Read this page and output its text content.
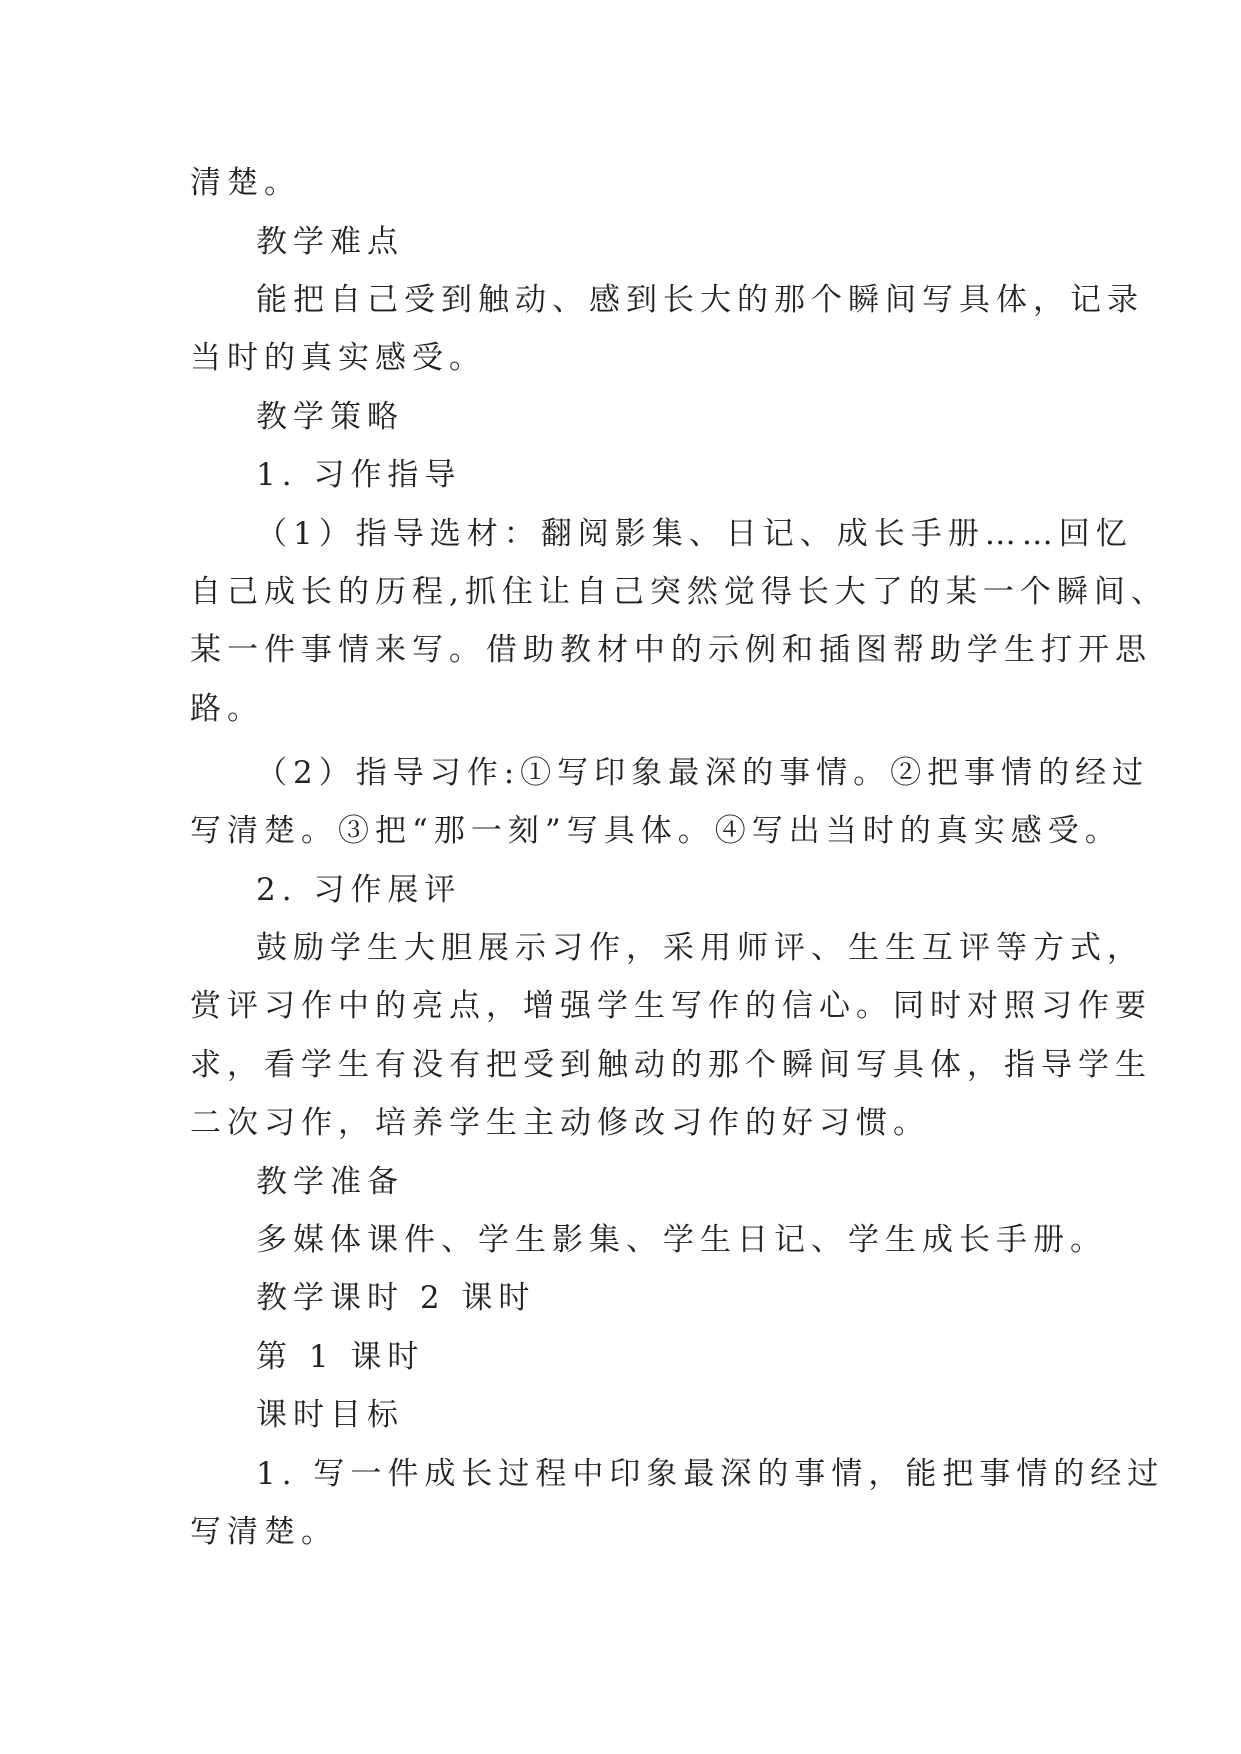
清楚。

教学难点

能把自己受到触动、感到长大的那个瞬间写具体，记录

当时的真实感受。

教学策略

1. 习作指导

（1）指导选材：翻阅影集、日记、成长手册……回忆

自己成长的历程,抓住让自己突然觉得长大了的某一个瞬间、

某一件事情来写。借助教材中的示例和插图帮助学生打开思

路。

（2）指导习作:①写印象最深的事情。②把事情的经过

写清楚。③把“那一刻”写具体。④写出当时的真实感受。

2. 习作展评

鼓励学生大胆展示习作，采用师评、生生互评等方式，

赏评习作中的亮点，增强学生写作的信心。同时对照习作要

求，看学生有没有把受到触动的那个瞬间写具体，指导学生

二次习作，培养学生主动修改习作的好习惯。

教学准备

多媒体课件、学生影集、学生日记、学生成长手册。

教学课时 2 课时

第 1 课时

课时目标

1. 写一件成长过程中印象最深的事情，能把事情的经过

写清楚。
